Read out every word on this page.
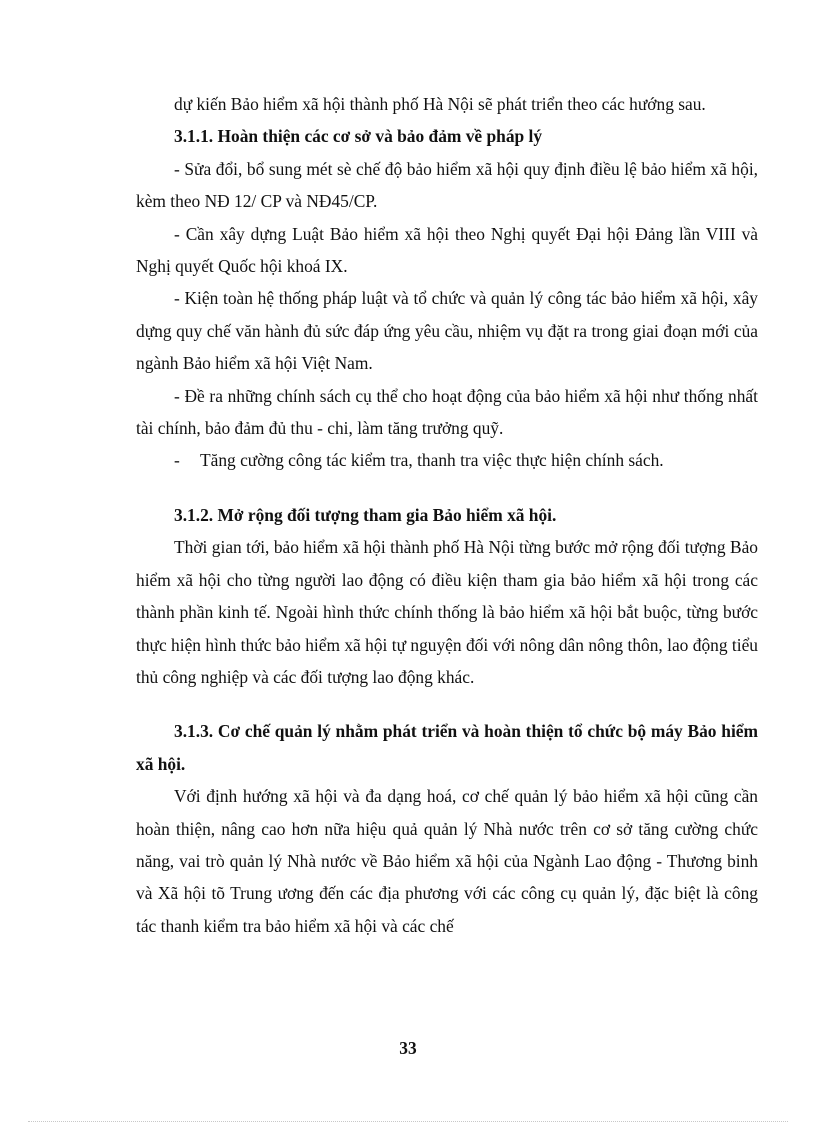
dự kiến Bảo hiểm xã hội thành phố Hà Nội sẽ phát triển theo các hướng sau.

3.1.1. Hoàn thiện các cơ sở và bảo đảm về pháp lý

- Sửa đổi, bổ sung mét sè chế độ bảo hiểm xã hội quy định điều lệ bảo hiểm xã hội, kèm theo NĐ 12/ CP và NĐ45/CP.

- Cần xây dựng Luật Bảo hiểm xã hội theo Nghị quyết Đại hội Đảng lần VIII và Nghị quyết Quốc hội khoá IX.

- Kiện toàn hệ thống pháp luật và tổ chức và quản lý công tác bảo hiểm xã hội, xây dựng quy chế văn hành đủ sức đáp ứng yêu cầu, nhiệm vụ đặt ra trong giai đoạn mới của ngành Bảo hiểm xã hội Việt Nam.

- Đề ra những chính sách cụ thể cho hoạt động của bảo hiểm xã hội như thống nhất tài chính, bảo đảm đủ thu - chi, làm tăng trưởng quỹ.

- Tăng cường công tác kiểm tra, thanh tra việc thực hiện chính sách.

3.1.2. Mở rộng đối tượng tham gia Bảo hiểm xã hội.

Thời gian tới, bảo hiểm xã hội thành phố Hà Nội từng bước mở rộng đối tượng Bảo hiểm xã hội cho từng người lao động có điều kiện tham gia bảo hiểm xã hội trong các thành phần kinh tế. Ngoài hình thức chính thống là bảo hiểm xã hội bắt buộc, từng bước thực hiện hình thức bảo hiểm xã hội tự nguyện đối với nông dân nông thôn, lao động tiểu thủ công nghiệp và các đối tượng lao động khác.

3.1.3. Cơ chế quản lý nhằm phát triển và hoàn thiện tổ chức bộ máy Bảo hiểm xã hội.

Với định hướng xã hội và đa dạng hoá, cơ chế quản lý bảo hiểm xã hội cũng cần hoàn thiện, nâng cao hơn nữa hiệu quả quản lý Nhà nước trên cơ sở tăng cường chức năng, vai trò quản lý Nhà nước về Bảo hiểm xã hội của Ngành Lao động - Thương binh và Xã hội tõ Trung ương đến các địa phương với các công cụ quản lý, đặc biệt là công tác thanh kiểm tra bảo hiểm xã hội và các chế

33
